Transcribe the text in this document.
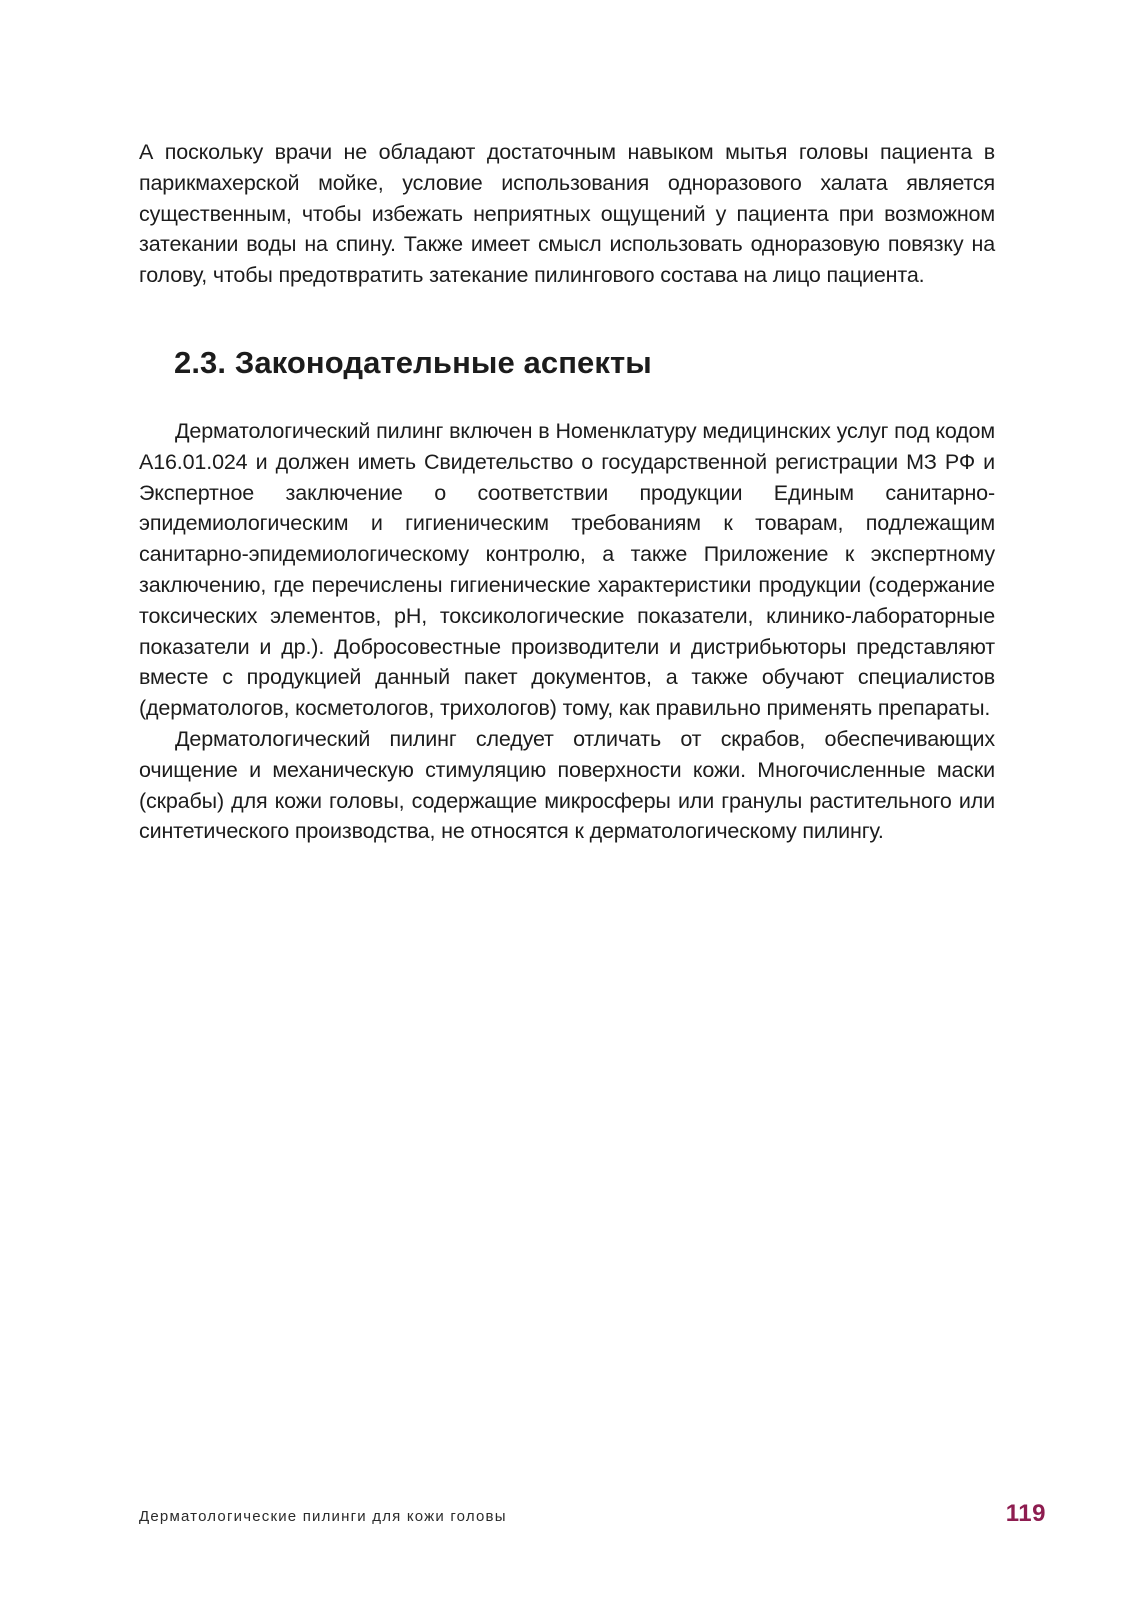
А поскольку врачи не обладают достаточным навыком мытья головы пациента в парикмахерской мойке, условие использования одноразового халата является существенным, чтобы избежать неприятных ощущений у пациента при возможном затекании воды на спину. Также имеет смысл использовать одноразовую повязку на голову, чтобы предотвратить затекание пилингового состава на лицо пациента.

2.3. Законодательные аспекты

Дерматологический пилинг включен в Номенклатуру медицинских услуг под кодом А16.01.024 и должен иметь Свидетельство о государственной регистрации МЗ РФ и Экспертное заключение о соответствии продукции Единым санитарно-эпидемиологическим и гигиеническим требованиям к товарам, подлежащим санитарно-эпидемиологическому контролю, а также Приложение к экспертному заключению, где перечислены гигиенические характеристики продукции (содержание токсических элементов, pH, токсикологические показатели, клинико-лабораторные показатели и др.). Добросовестные производители и дистрибьюторы представляют вместе с продукцией данный пакет документов, а также обучают специалистов (дерматологов, косметологов, трихологов) тому, как правильно применять препараты.

Дерматологический пилинг следует отличать от скрабов, обеспечивающих очищение и механическую стимуляцию поверхности кожи. Многочисленные маски (скрабы) для кожи головы, содержащие микросферы или гранулы растительного или синтетического производства, не относятся к дерматологическому пилингу.

Дерматологические пилинги для кожи головы	119
